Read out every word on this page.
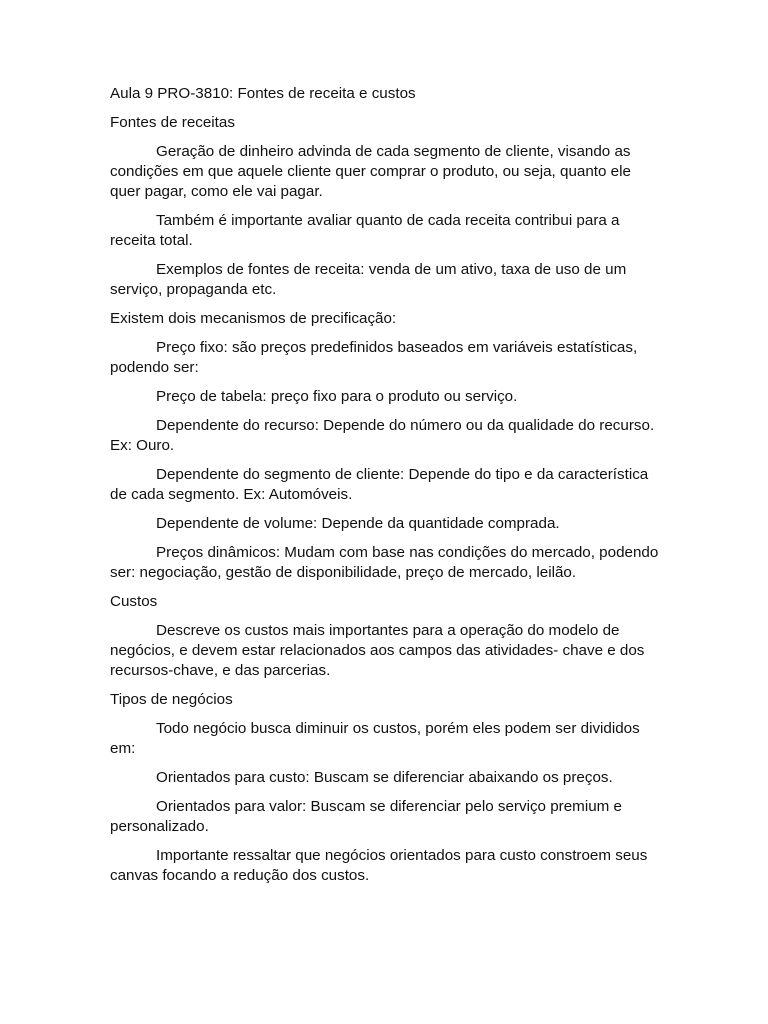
Aula 9 PRO-3810: Fontes de receita e custos

Fontes de receitas

Geração de dinheiro advinda de cada segmento de cliente, visando as condições em que aquele cliente quer comprar o produto, ou seja, quanto ele quer pagar, como ele vai pagar.

Também é importante avaliar quanto de cada receita contribui para a receita total.

Exemplos de fontes de receita: venda de um ativo, taxa de uso de um serviço, propaganda etc.

Existem dois mecanismos de precificação:

Preço fixo: são preços predefinidos baseados em variáveis estatísticas, podendo ser:

Preço de tabela: preço fixo para o produto ou serviço.

Dependente do recurso: Depende do número ou da qualidade do recurso. Ex: Ouro.

Dependente do segmento de cliente: Depende do tipo e da característica de cada segmento. Ex: Automóveis.

Dependente de volume: Depende da quantidade comprada.

Preços dinâmicos: Mudam com base nas condições do mercado, podendo ser: negociação, gestão de disponibilidade, preço de mercado, leilão.

Custos

Descreve os custos mais importantes para a operação do modelo de negócios, e devem estar relacionados aos campos das atividades- chave e dos recursos-chave, e das parcerias.

Tipos de negócios

Todo negócio busca diminuir os custos, porém eles podem ser divididos em:

Orientados para custo: Buscam se diferenciar abaixando os preços.

Orientados para valor: Buscam se diferenciar pelo serviço premium e personalizado.

Importante ressaltar que negócios orientados para custo constroem seus canvas focando a redução dos custos.
